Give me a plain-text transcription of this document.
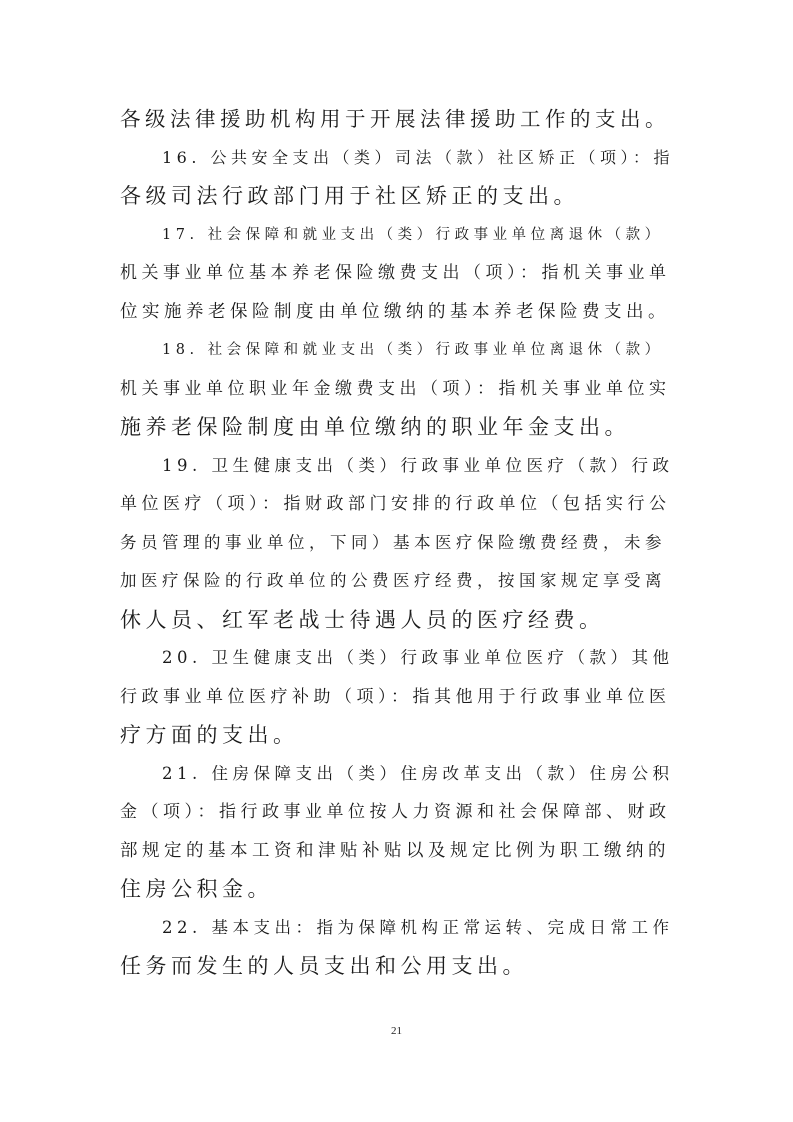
各级法律援助机构用于开展法律援助工作的支出。
16. 公共安全支出（类）司法（款）社区矫正（项）：指
各级司法行政部门用于社区矫正的支出。
17. 社会保障和就业支出（类）行政事业单位离退休（款）
机关事业单位基本养老保险缴费支出（项）：指机关事业单
位实施养老保险制度由单位缴纳的基本养老保险费支出。
18. 社会保障和就业支出（类）行政事业单位离退休（款）
机关事业单位职业年金缴费支出（项）：指机关事业单位实
施养老保险制度由单位缴纳的职业年金支出。
19. 卫生健康支出（类）行政事业单位医疗（款）行政
单位医疗（项）：指财政部门安排的行政单位（包括实行公
务员管理的事业单位，下同）基本医疗保险缴费经费，未参
加医疗保险的行政单位的公费医疗经费，按国家规定享受离
休人员、红军老战士待遇人员的医疗经费。
20. 卫生健康支出（类）行政事业单位医疗（款）其他
行政事业单位医疗补助（项）：指其他用于行政事业单位医
疗方面的支出。
21. 住房保障支出（类）住房改革支出（款）住房公积
金（项）：指行政事业单位按人力资源和社会保障部、财政
部规定的基本工资和津贴补贴以及规定比例为职工缴纳的
住房公积金。
22. 基本支出：指为保障机构正常运转、完成日常工作
任务而发生的人员支出和公用支出。
21
